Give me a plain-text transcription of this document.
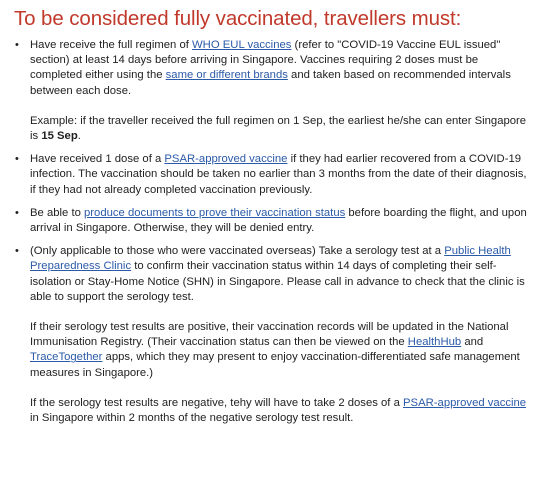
To be considered fully vaccinated, travellers must:
• Have receive the full regimen of WHO EUL vaccines (refer to "COVID-19 Vaccine EUL issued" section) at least 14 days before arriving in Singapore. Vaccines requiring 2 doses must be completed either using the same or different brands and taken based on recommended intervals between each dose.

Example: if the traveller received the full regimen on 1 Sep, the earliest he/she can enter Singapore is 15 Sep.

• Have received 1 dose of a PSAR-approved vaccine if they had earlier recovered from a COVID-19 infection. The vaccination should be taken no earlier than 3 months from the date of their diagnosis, if they had not already completed vaccination previously.

• Be able to produce documents to prove their vaccination status before boarding the flight, and upon arrival in Singapore. Otherwise, they will be denied entry.

• (Only applicable to those who were vaccinated overseas) Take a serology test at a Public Health Preparedness Clinic to confirm their vaccination status within 14 days of completing their self-isolation or Stay-Home Notice (SHN) in Singapore. Please call in advance to check that the clinic is able to support the serology test.

If their serology test results are positive, their vaccination records will be updated in the National Immunisation Registry. (Their vaccination status can then be viewed on the HealthHub and TraceTogether apps, which they may present to enjoy vaccination-differentiated safe management measures in Singapore.)

If the serology test results are negative, tehy will have to take 2 doses of a PSAR-approved vaccine in Singapore within 2 months of the negative serology test result.
